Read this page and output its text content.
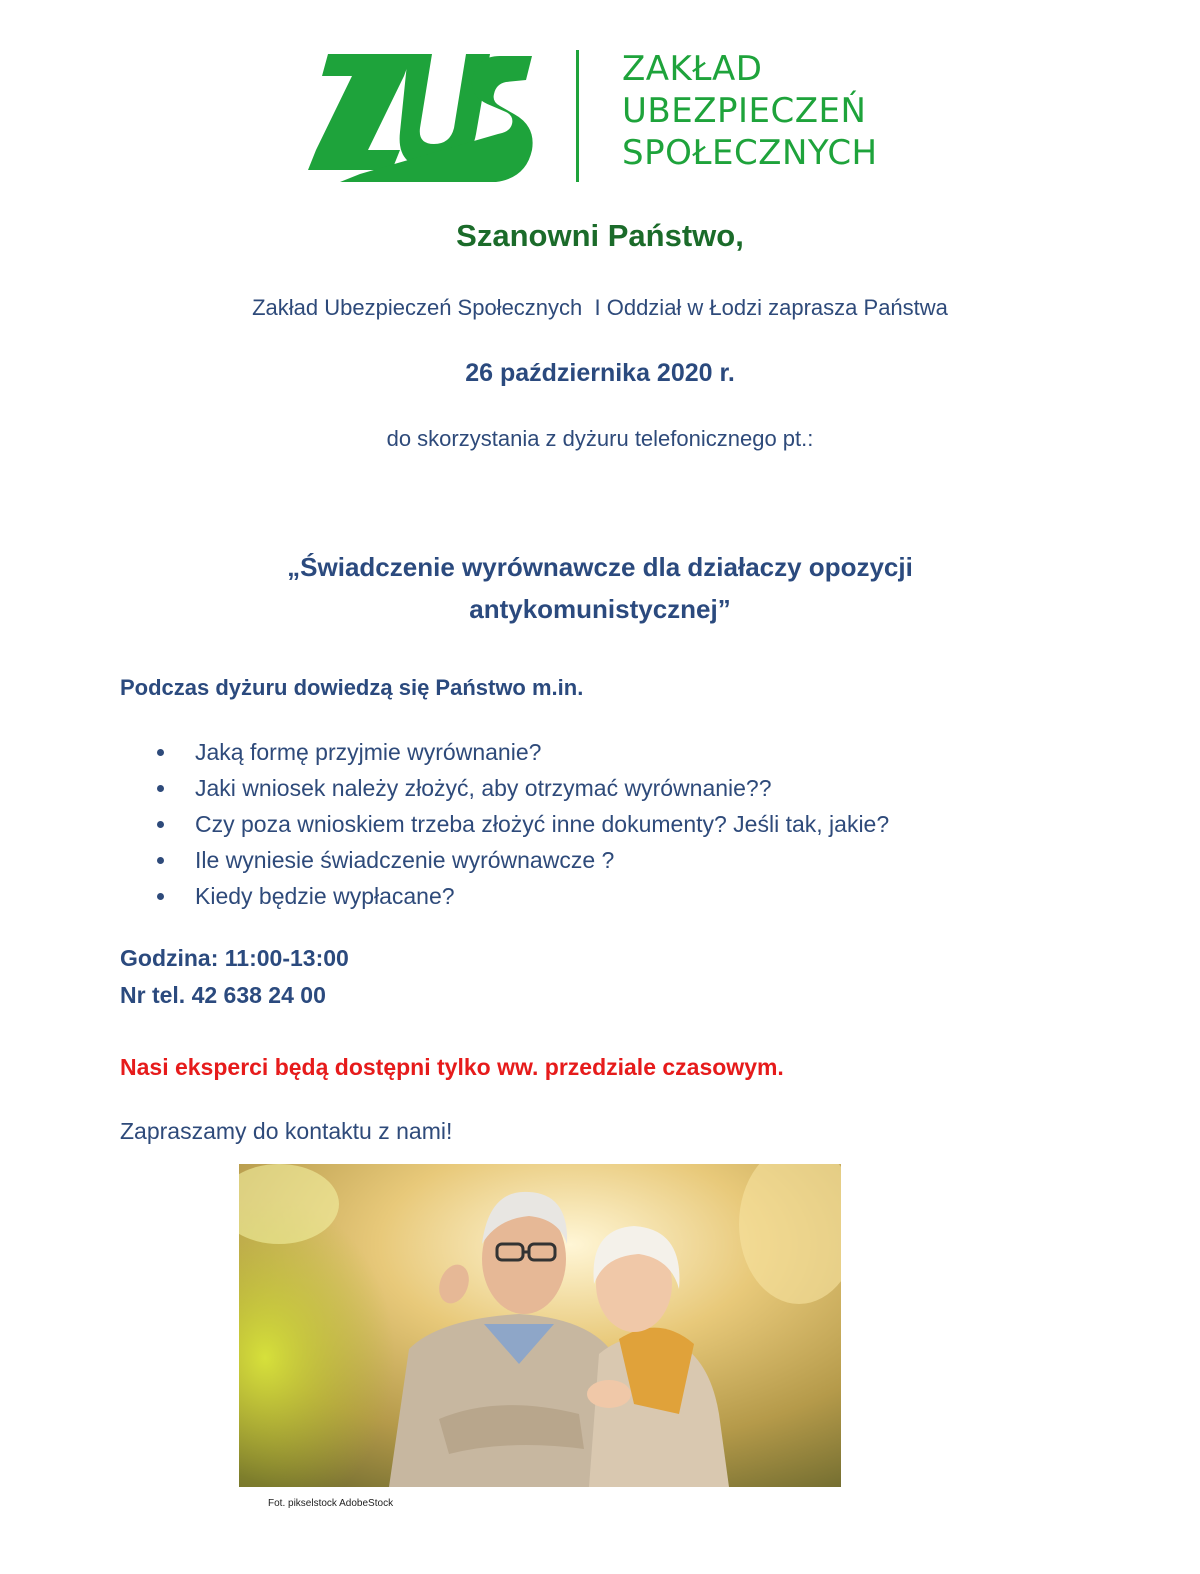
ZAKŁAD
UBEZPIECZEŃ
SPOŁECZNYCH
Szanowni Państwo,
Zakład Ubezpieczeń Społecznych  I Oddział w Łodzi zaprasza Państwa
26 października 2020 r.
do skorzystania z dyżuru telefonicznego pt.:
„Świadczenie wyrównawcze dla działaczy opozycji
antykomunistycznej”
Podczas dyżuru dowiedzą się Państwo m.in.
Jaką formę przyjmie wyrównanie?
Jaki wniosek należy złożyć, aby otrzymać wyrównanie??
Czy poza wnioskiem trzeba złożyć inne dokumenty? Jeśli tak, jakie?
Ile wyniesie świadczenie wyrównawcze ?
Kiedy będzie wypłacane?
Godzina: 11:00-13:00
Nr tel. 42 638 24 00
Nasi eksperci będą dostępni tylko ww. przedziale czasowym.
Zapraszamy do kontaktu z nami!
Fot. pikselstock AdobeStock
